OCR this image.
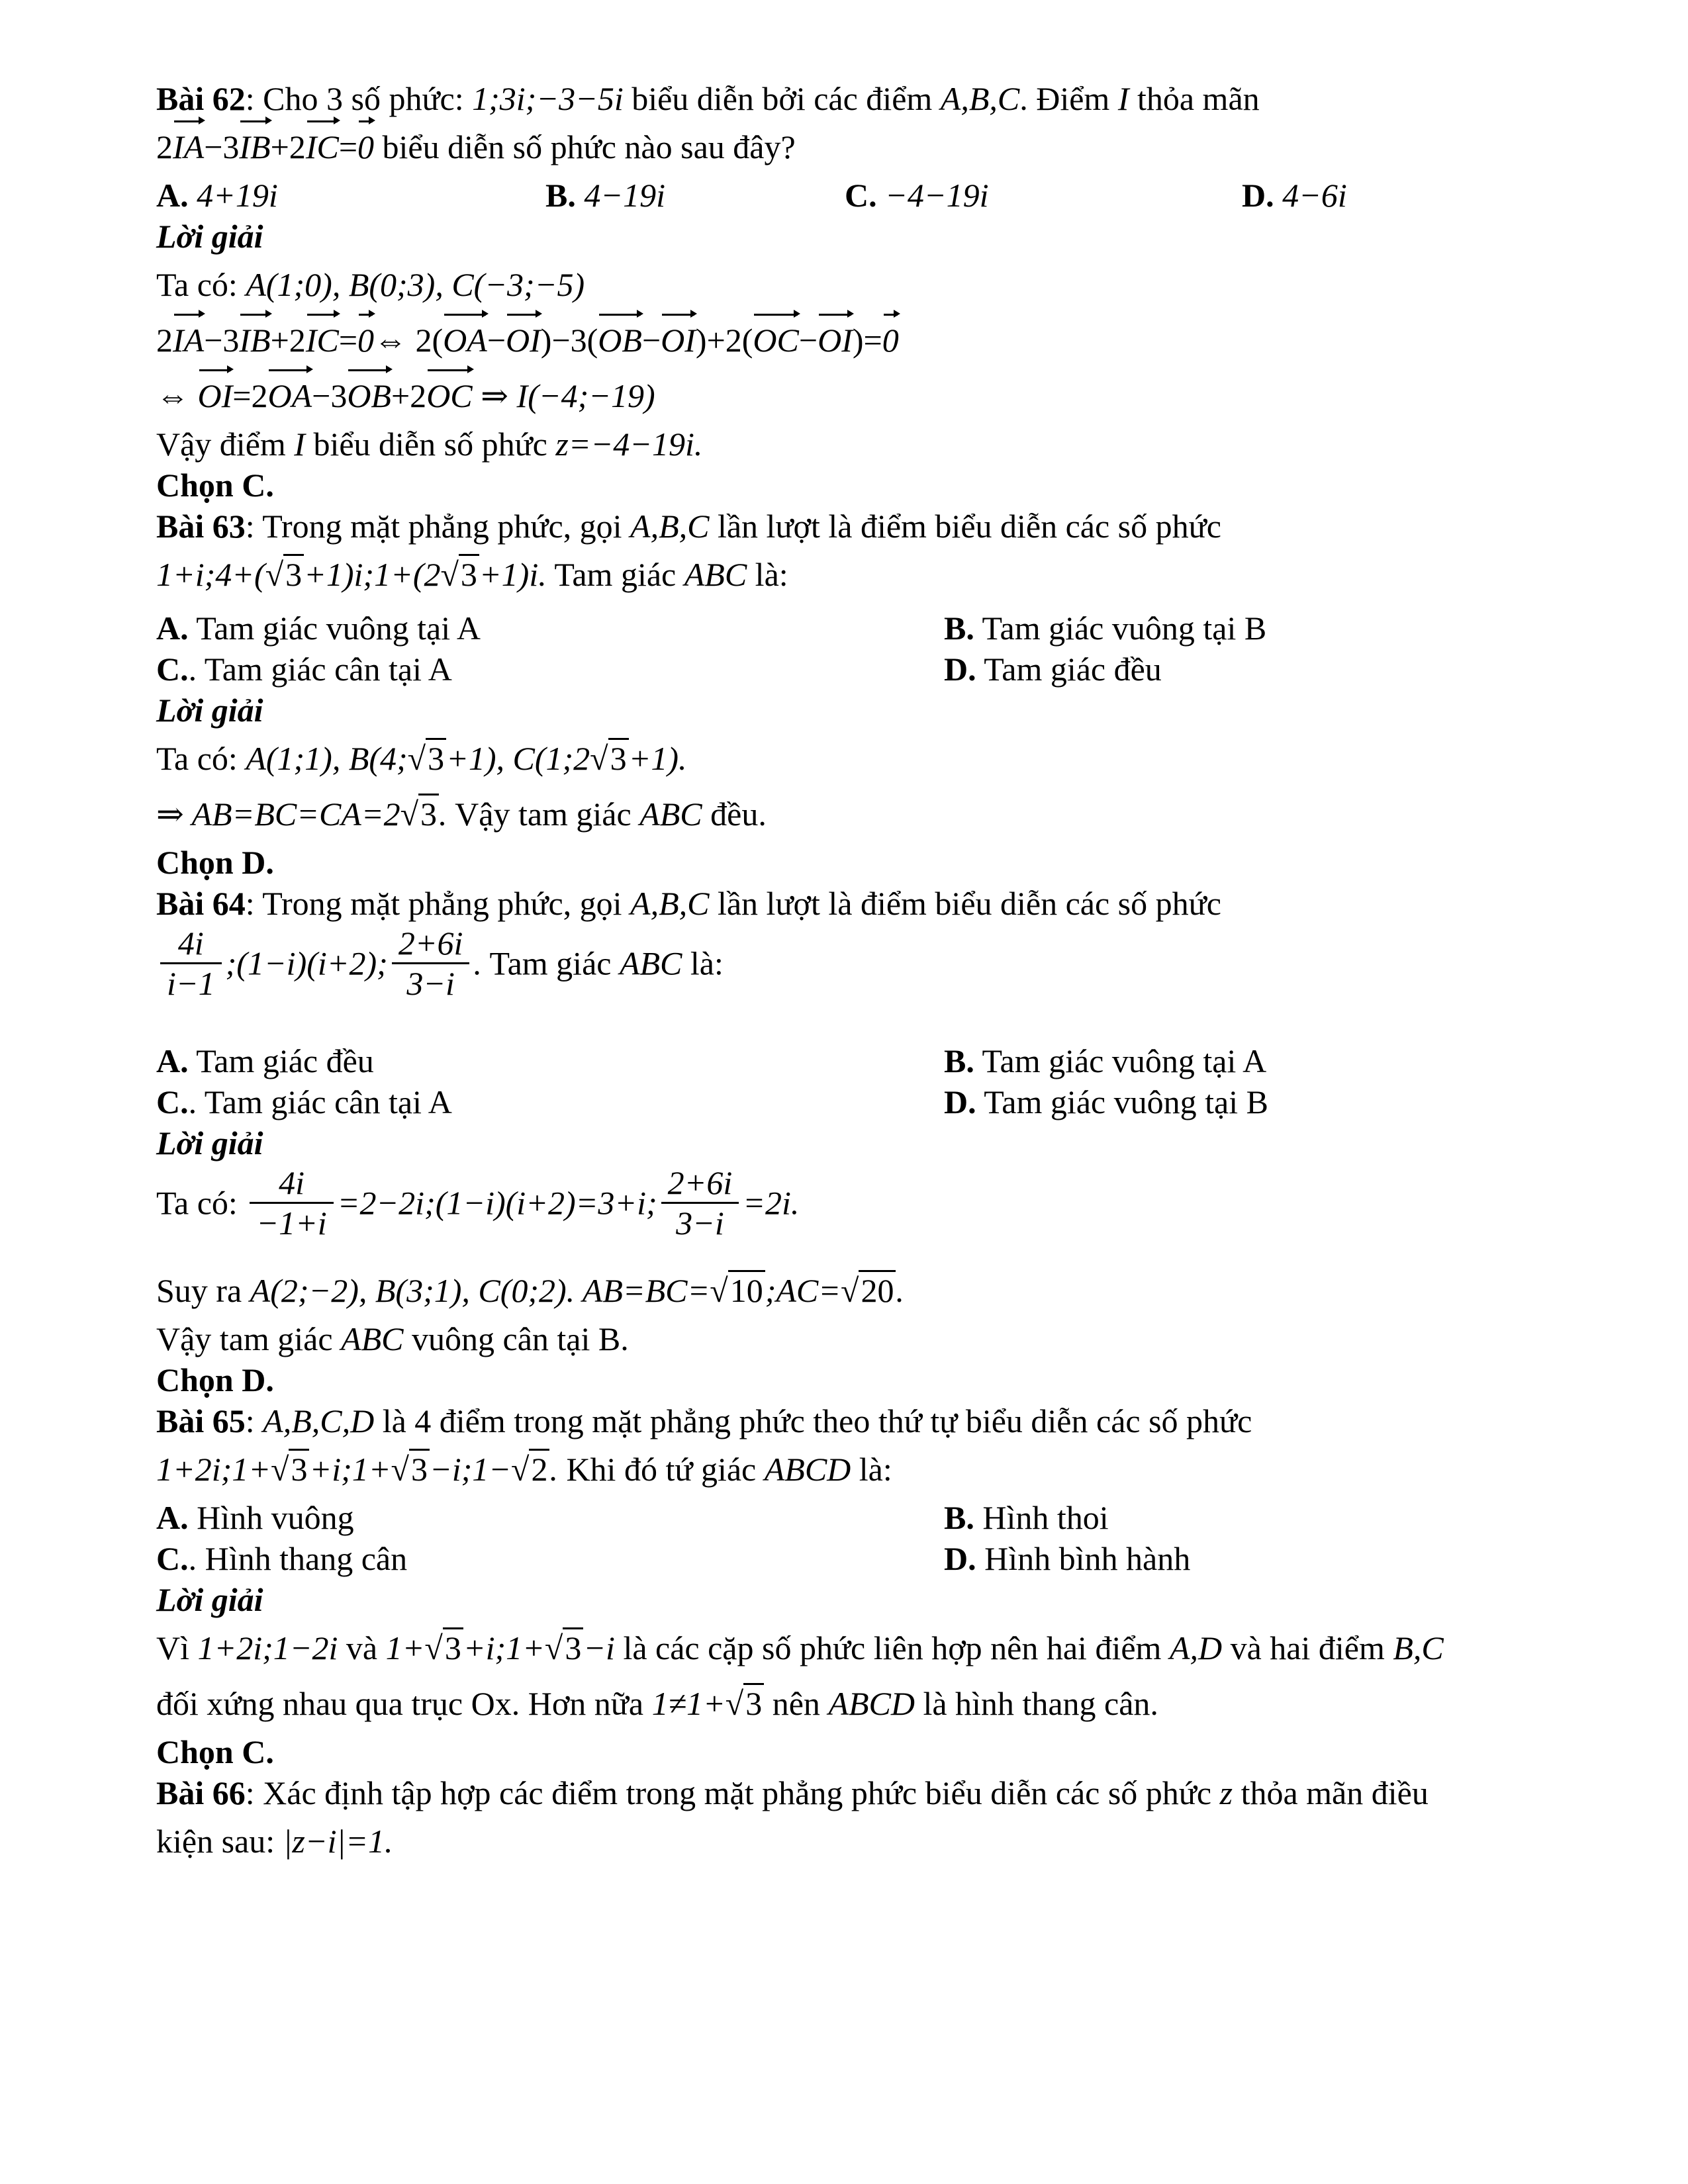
Bài 62: Cho 3 số phức: 1;3i;−3−5i biểu diễn bởi các điểm A,B,C. Điểm I thỏa mãn
2IA−3IB+2IC=0 biểu diễn số phức nào sau đây?
A. 4+19i	B. 4−19i	C. −4−19i	D. 4−6i
Lời giải
Ta có: A(1;0), B(0;3), C(−3;−5)
2IA−3IB+2IC=0⇔ 2(OA−OI)−3(OB−OI)+2(OC−OI)=0
⇔ OI=2OA−3OB+2OC ⇒ I(−4;−19)
Vậy điểm I biểu diễn số phức z=−4−19i.
Chọn C.
Bài 63: Trong mặt phẳng phức, gọi A,B,C lần lượt là điểm biểu diễn các số phức
1+i;4+(√3+1)i;1+(2√3+1)i. Tam giác ABC là:
A. Tam giác vuông tại A	B. Tam giác vuông tại B
C.. Tam giác cân tại A	D. Tam giác đều
Lời giải
Ta có: A(1;1), B(4;√3+1), C(1;2√3+1).
⇒ AB=BC=CA=2√3. Vậy tam giác ABC đều.
Chọn D.
Bài 64: Trong mặt phẳng phức, gọi A,B,C lần lượt là điểm biểu diễn các số phức
$\frac{4i}{i-1}$ ;(1−i)(i+2); $\frac{2+6i}{3-i}$ . Tam giác ABC là:
A. Tam giác đều	B. Tam giác vuông tại A
C.. Tam giác cân tại A	D. Tam giác vuông tại B
Lời giải
Ta có: $\frac{4i}{-1+i}$ =2−2i;(1−i)(i+2)=3+i; $\frac{2+6i}{3-i} =2i$.
Suy ra A(2;−2), B(3;1), C(0;2). AB=BC=√10;AC=√20.
Vậy tam giác ABC vuông cân tại B.
Chọn D.
Bài 65: A,B,C,D là 4 điểm trong mặt phẳng phức theo thứ tự biểu diễn các số phức
1+2i;1+√3+i;1+√3−i;1−√2. Khi đó tứ giác ABCD là:
A. Hình vuông	B. Hình thoi
C.. Hình thang cân	D. Hình bình hành
Lời giải
Vì 1+2i;1−2i và 1+√3+i;1+√3−i là các cặp số phức liên hợp nên hai điểm A,D và hai điểm B,C
đối xứng nhau qua trục Ox. Hơn nữa 1≠1+√3 nên ABCD là hình thang cân.
Chọn C.
Bài 66: Xác định tập hợp các điểm trong mặt phẳng phức biểu diễn các số phức z thỏa mãn điều
kiện sau: |z−i|=1.
